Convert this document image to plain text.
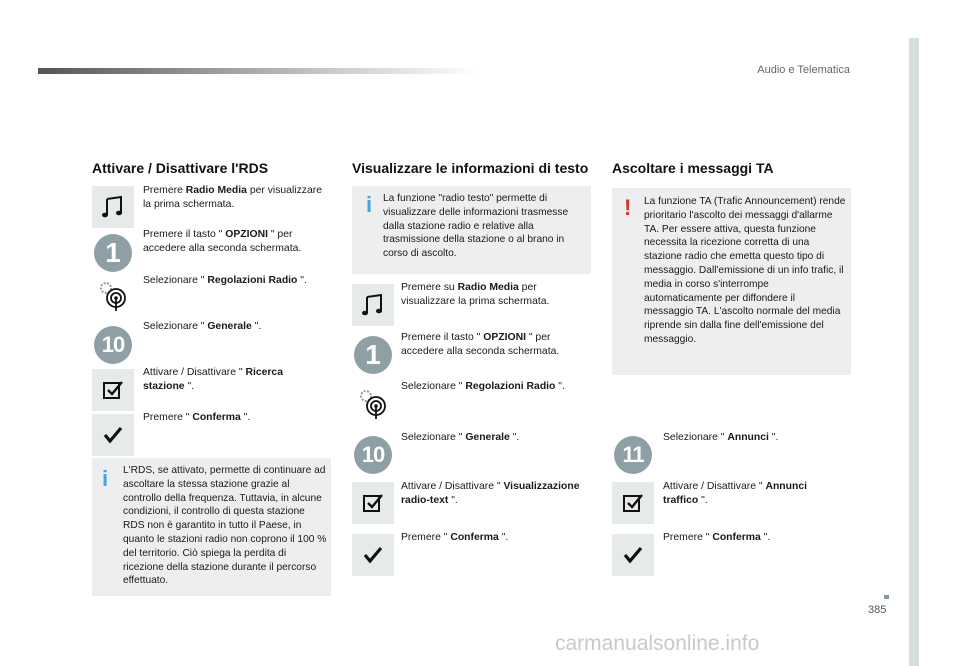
Audio e Telematica
385
Attivare / Disattivare l'RDS
Premere Radio Media per visualizzare la prima schermata.
1
Premere il tasto " OPZIONI " per accedere alla seconda schermata.
Selezionare " Regolazioni Radio ".
10
Selezionare " Generale ".
Attivare / Disattivare " Ricerca stazione ".
Premere " Conferma ".
i L'RDS, se attivato, permette di continuare ad ascoltare la stessa stazione grazie al controllo della frequenza. Tuttavia, in alcune condizioni, il controllo di questa stazione RDS non è garantito in tutto il Paese, in quanto le stazioni radio non coprono il 100 % del territorio. Ciò spiega la perdita di ricezione della stazione durante il percorso effettuato.
Visualizzare le informazioni di testo
i La funzione "radio testo" permette di visualizzare delle informazioni trasmesse dalla stazione radio e relative alla trasmissione della stazione o al brano in corso di ascolto.
Premere su Radio Media per visualizzare la prima schermata.
1
Premere il tasto " OPZIONI " per accedere alla seconda schermata.
Selezionare " Regolazioni Radio ".
10
Selezionare " Generale ".
Attivare / Disattivare " Visualizzazione radio-text ".
Premere " Conferma ".
Ascoltare i messaggi TA
! La funzione TA (Trafic Announcement) rende prioritario l'ascolto dei messaggi d'allarme TA. Per essere attiva, questa funzione necessita la ricezione corretta di una stazione radio che emetta questo tipo di messaggio. Dall'emissione di un info trafic, il media in corso s'interrompe automaticamente per diffondere il messaggio TA. L'ascolto normale del media riprende sin dalla fine dell'emissione del messaggio.
11
Selezionare " Annunci ".
Attivare / Disattivare " Annunci traffico ".
Premere " Conferma ".
carmanualsonline.info
